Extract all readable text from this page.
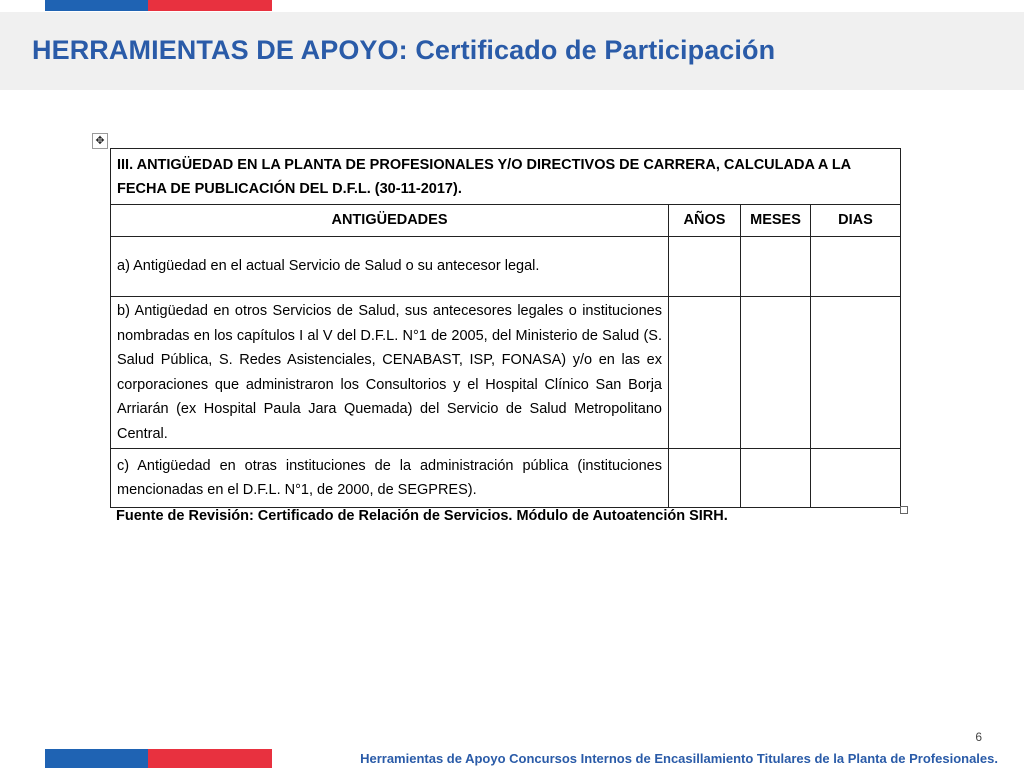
HERRAMIENTAS DE APOYO: Certificado de Participación
✥
III. ANTIGÜEDAD EN LA PLANTA DE PROFESIONALES Y/O DIRECTIVOS DE CARRERA, CALCULADA A LA FECHA DE PUBLICACIÓN DEL D.F.L. (30-11-2017).			
ANTIGÜEDADES	AÑOS	MESES	DIAS
a) Antigüedad en el actual Servicio de Salud o su antecesor legal.			
b) Antigüedad en otros Servicios de Salud, sus antecesores legales o instituciones nombradas en los capítulos I al V del D.F.L. N°1 de 2005, del Ministerio de Salud (S. Salud Pública, S. Redes Asistenciales, CENABAST, ISP, FONASA) y/o en las ex corporaciones que administraron los Consultorios y el Hospital Clínico San Borja Arriarán (ex Hospital Paula Jara Quemada) del Servicio de Salud Metropolitano Central.			
c) Antigüedad en otras instituciones de la administración pública (instituciones mencionadas en el D.F.L. N°1, de 2000, de SEGPRES).			
Fuente de Revisión: Certificado de Relación de Servicios. Módulo de Autoatención SIRH.
6
Herramientas de Apoyo Concursos Internos de Encasillamiento Titulares de la Planta de Profesionales.
